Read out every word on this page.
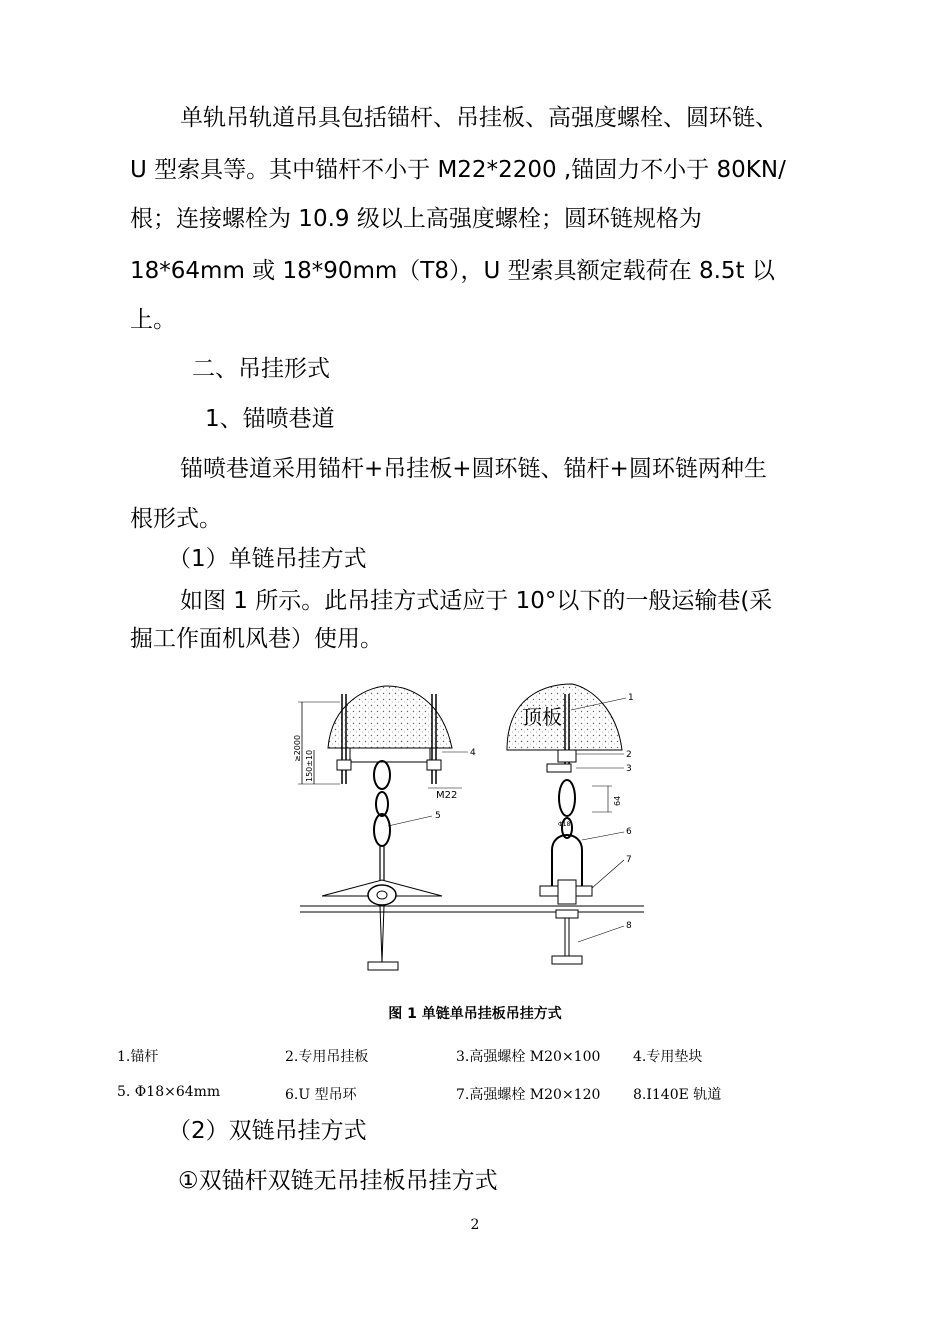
单轨吊轨道吊具包括锚杆、吊挂板、高强度螺栓、圆环链、
U 型索具等。其中锚杆不小于 M22*2200 ,锚固力不小于 80KN/
根；连接螺栓为 10.9 级以上高强度螺栓；圆环链规格为
18*64mm 或 18*90mm（T8），U 型索具额定载荷在 8.5t 以
上。
二、吊挂形式
1、锚喷巷道
锚喷巷道采用锚杆+吊挂板+圆环链、锚杆+圆环链两种生
根形式。
（1）单链吊挂方式
如图 1 所示。此吊挂方式适应于 10°以下的一般运输巷(采
掘工作面机风巷）使用。
≥2000
150±10
M22
4
5
顶板
64
Φ18
1
2
3
6
7
8
图 1 单链单吊挂板吊挂方式
1.锚杆	2.专用吊挂板	3.高强螺栓 M20×100 4.专用垫块
5. Φ18×64mm	6.U 型吊环	7.高强螺栓 M20×120 8.I140E 轨道
（2）双链吊挂方式
①双锚杆双链无吊挂板吊挂方式
2
